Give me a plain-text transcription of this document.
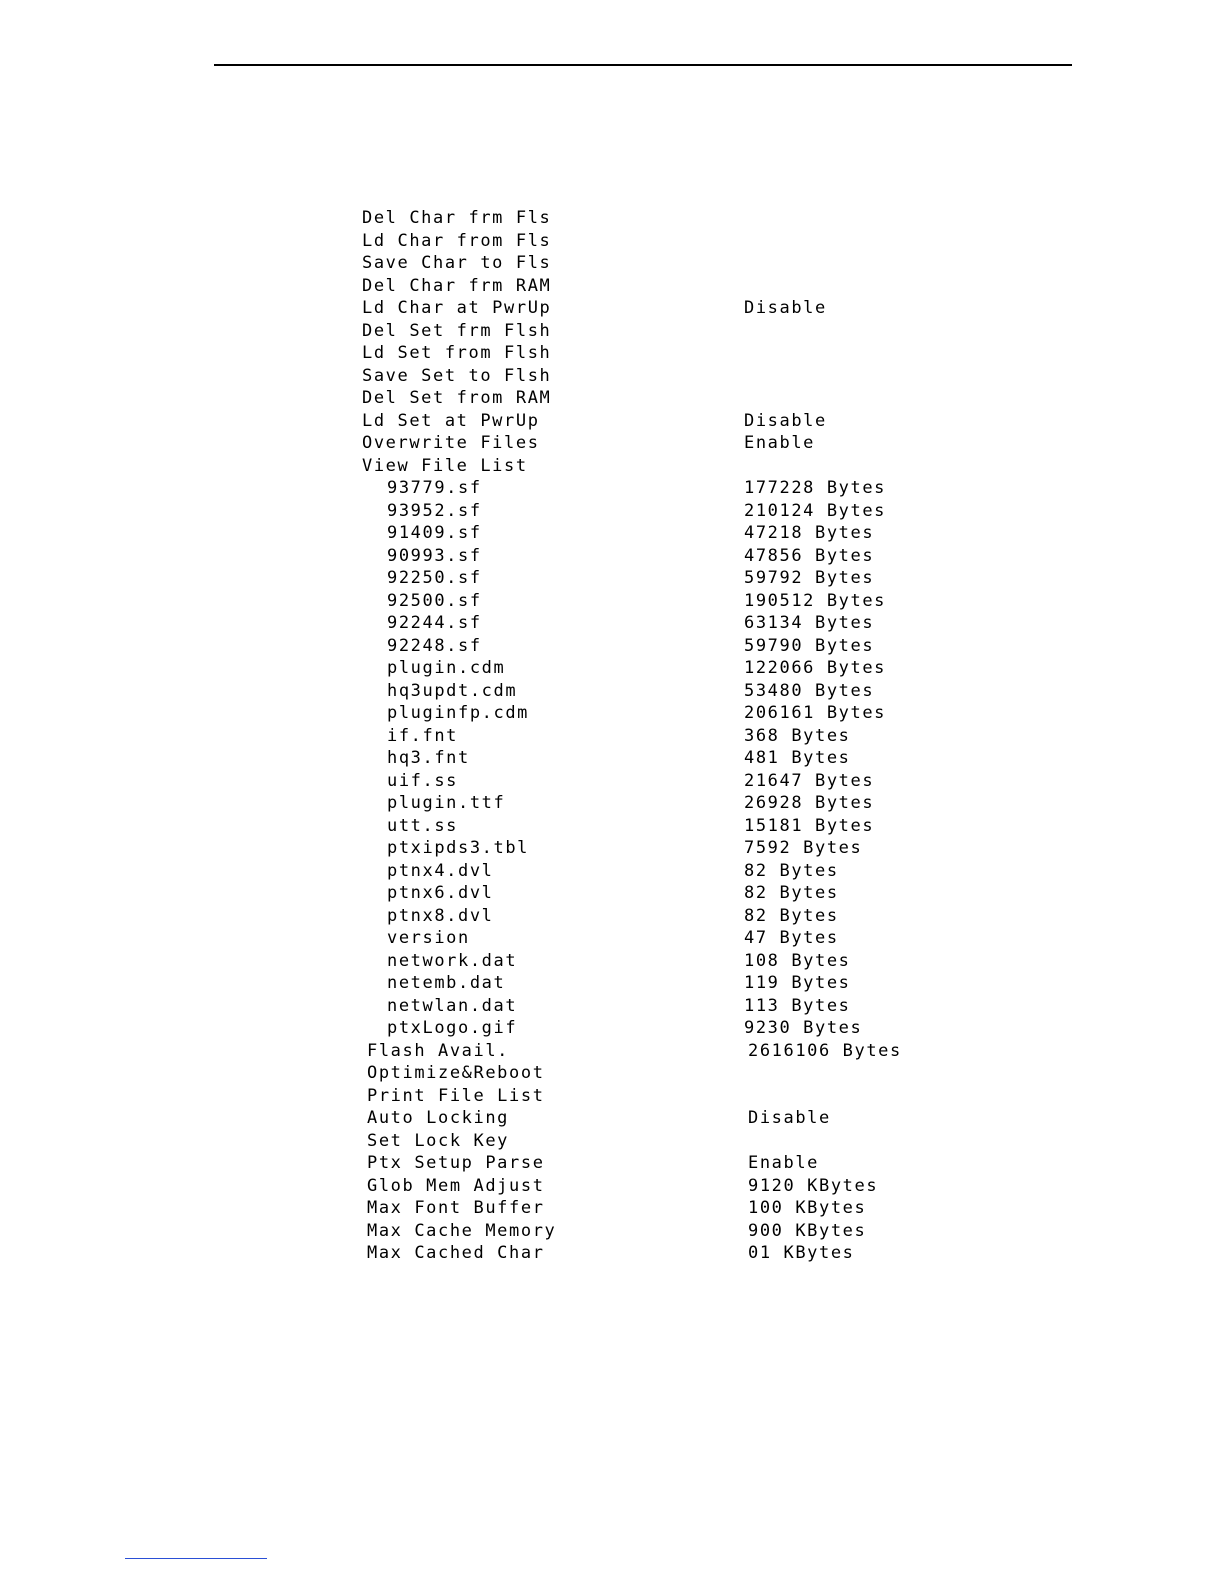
Del Char frm Fls
Ld Char from Fls
Save Char to Fls
Del Char frm RAM
Ld Char at PwrUp	Disable
Del Set frm Flsh
Ld Set from Flsh
Save Set to Flsh
Del Set from RAM
Ld Set at PwrUp	Disable
Overwrite Files	Enable
View File List
93779.sf	177228 Bytes
93952.sf	210124 Bytes
91409.sf	47218 Bytes
90993.sf	47856 Bytes
92250.sf	59792 Bytes
92500.sf	190512 Bytes
92244.sf	63134 Bytes
92248.sf	59790 Bytes
plugin.cdm	122066 Bytes
hq3updt.cdm	53480 Bytes
pluginfp.cdm	206161 Bytes
if.fnt	368 Bytes
hq3.fnt	481 Bytes
uif.ss	21647 Bytes
plugin.ttf	26928 Bytes
utt.ss	15181 Bytes
ptxipds3.tbl	7592 Bytes
ptnx4.dvl	82 Bytes
ptnx6.dvl	82 Bytes
ptnx8.dvl	82 Bytes
version	47 Bytes
network.dat	108 Bytes
netemb.dat	119 Bytes
netwlan.dat	113 Bytes
ptxLogo.gif	9230 Bytes
Flash Avail.	2616106 Bytes
Optimize&Reboot
Print File List
Auto Locking	Disable
Set Lock Key
Ptx Setup Parse	Enable
Glob Mem Adjust	9120 KBytes
Max Font Buffer	100 KBytes
Max Cache Memory	900 KBytes
Max Cached Char	01 KBytes
